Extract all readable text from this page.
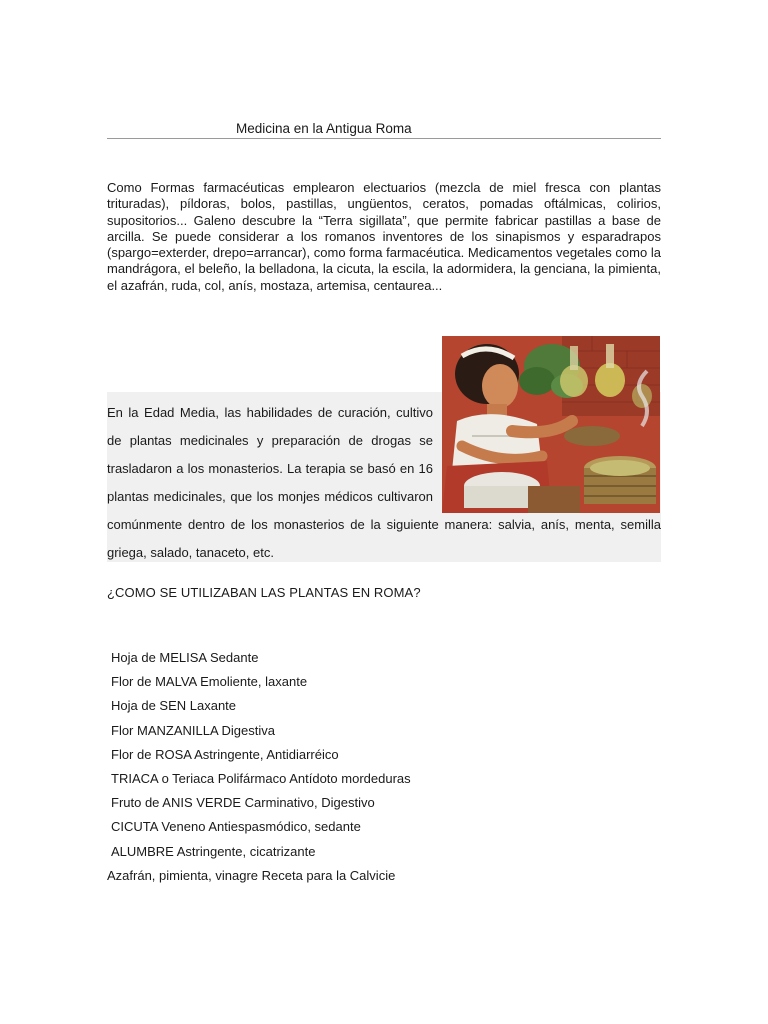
Medicina en la Antigua Roma

Como Formas farmacéuticas emplearon electuarios (mezcla de miel fresca con plantas trituradas), píldoras, bolos, pastillas, ungüentos, ceratos, pomadas oftálmicas, colirios, supositorios... Galeno descubre la “Terra sigillata”, que permite fabricar pastillas a base de arcilla. Se puede considerar a los romanos inventores de los sinapismos y esparadrapos (spargo=exterder, drepo=arrancar), como forma farmacéutica. Medicamentos vegetales como la mandrágora, el beleño, la belladona, la cicuta, la escila, la adormidera, la genciana, la pimienta, el azafrán, ruda, col, anís, mostaza, artemisa, centaurea...

En la Edad Media, las habilidades de curación, cultivo de plantas medicinales y preparación de drogas se trasladaron a los monasterios. La terapia se basó en 16 plantas medicinales, que los monjes médicos cultivaron comúnmente dentro de los monasterios de la siguiente manera: salvia, anís, menta, semilla griega, salado, tanaceto, etc.

¿COMO SE UTILIZABAN LAS PLANTAS EN ROMA?
Hoja de MELISA Sedante
Flor de MALVA Emoliente, laxante
Hoja de SEN Laxante
Flor MANZANILLA Digestiva
Flor de ROSA Astringente, Antidiarréico
TRIACA o Teriaca Polifármaco Antídoto mordeduras
Fruto de ANIS VERDE Carminativo, Digestivo
CICUTA Veneno Antiespasmódico, sedante
ALUMBRE Astringente, cicatrizante
Azafrán, pimienta, vinagre Receta para la Calvicie
